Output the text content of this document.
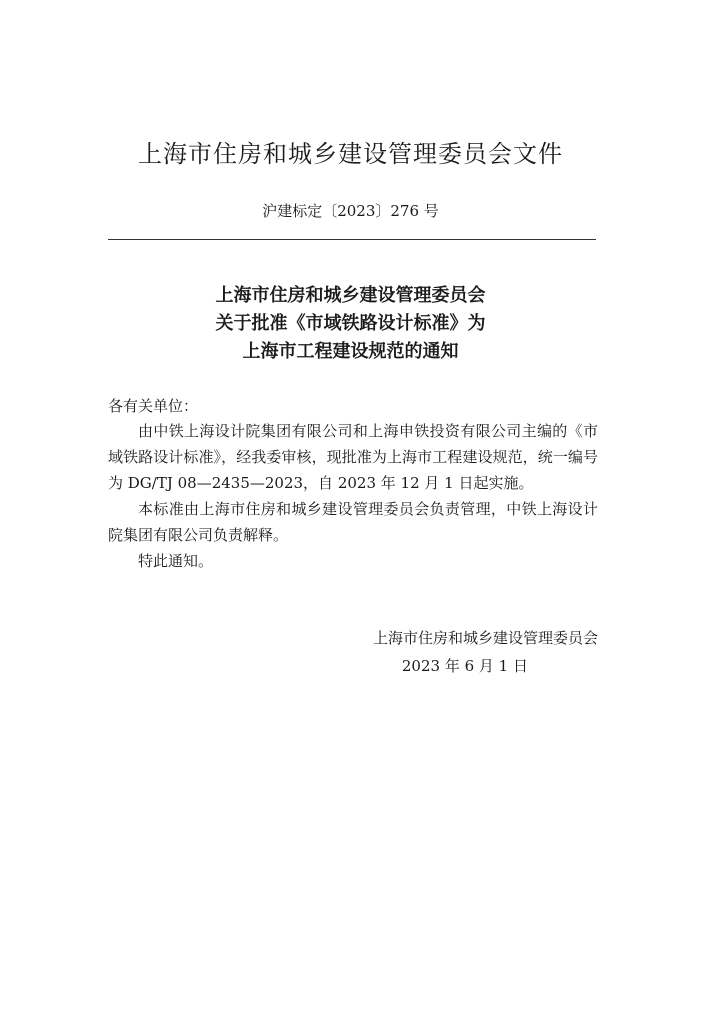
上海市住房和城乡建设管理委员会文件
沪建标定〔2023〕276 号
上海市住房和城乡建设管理委员会
关于批准《市域铁路设计标准》为
上海市工程建设规范的通知
各有关单位：

由中铁上海设计院集团有限公司和上海申铁投资有限公司主编的《市域铁路设计标准》，经我委审核，现批准为上海市工程建设规范，统一编号为 DG/TJ 08—2435—2023，自 2023 年 12 月 1 日起实施。

本标准由上海市住房和城乡建设管理委员会负责管理，中铁上海设计院集团有限公司负责解释。

特此通知。

上海市住房和城乡建设管理委员会
2023 年 6 月 1 日
